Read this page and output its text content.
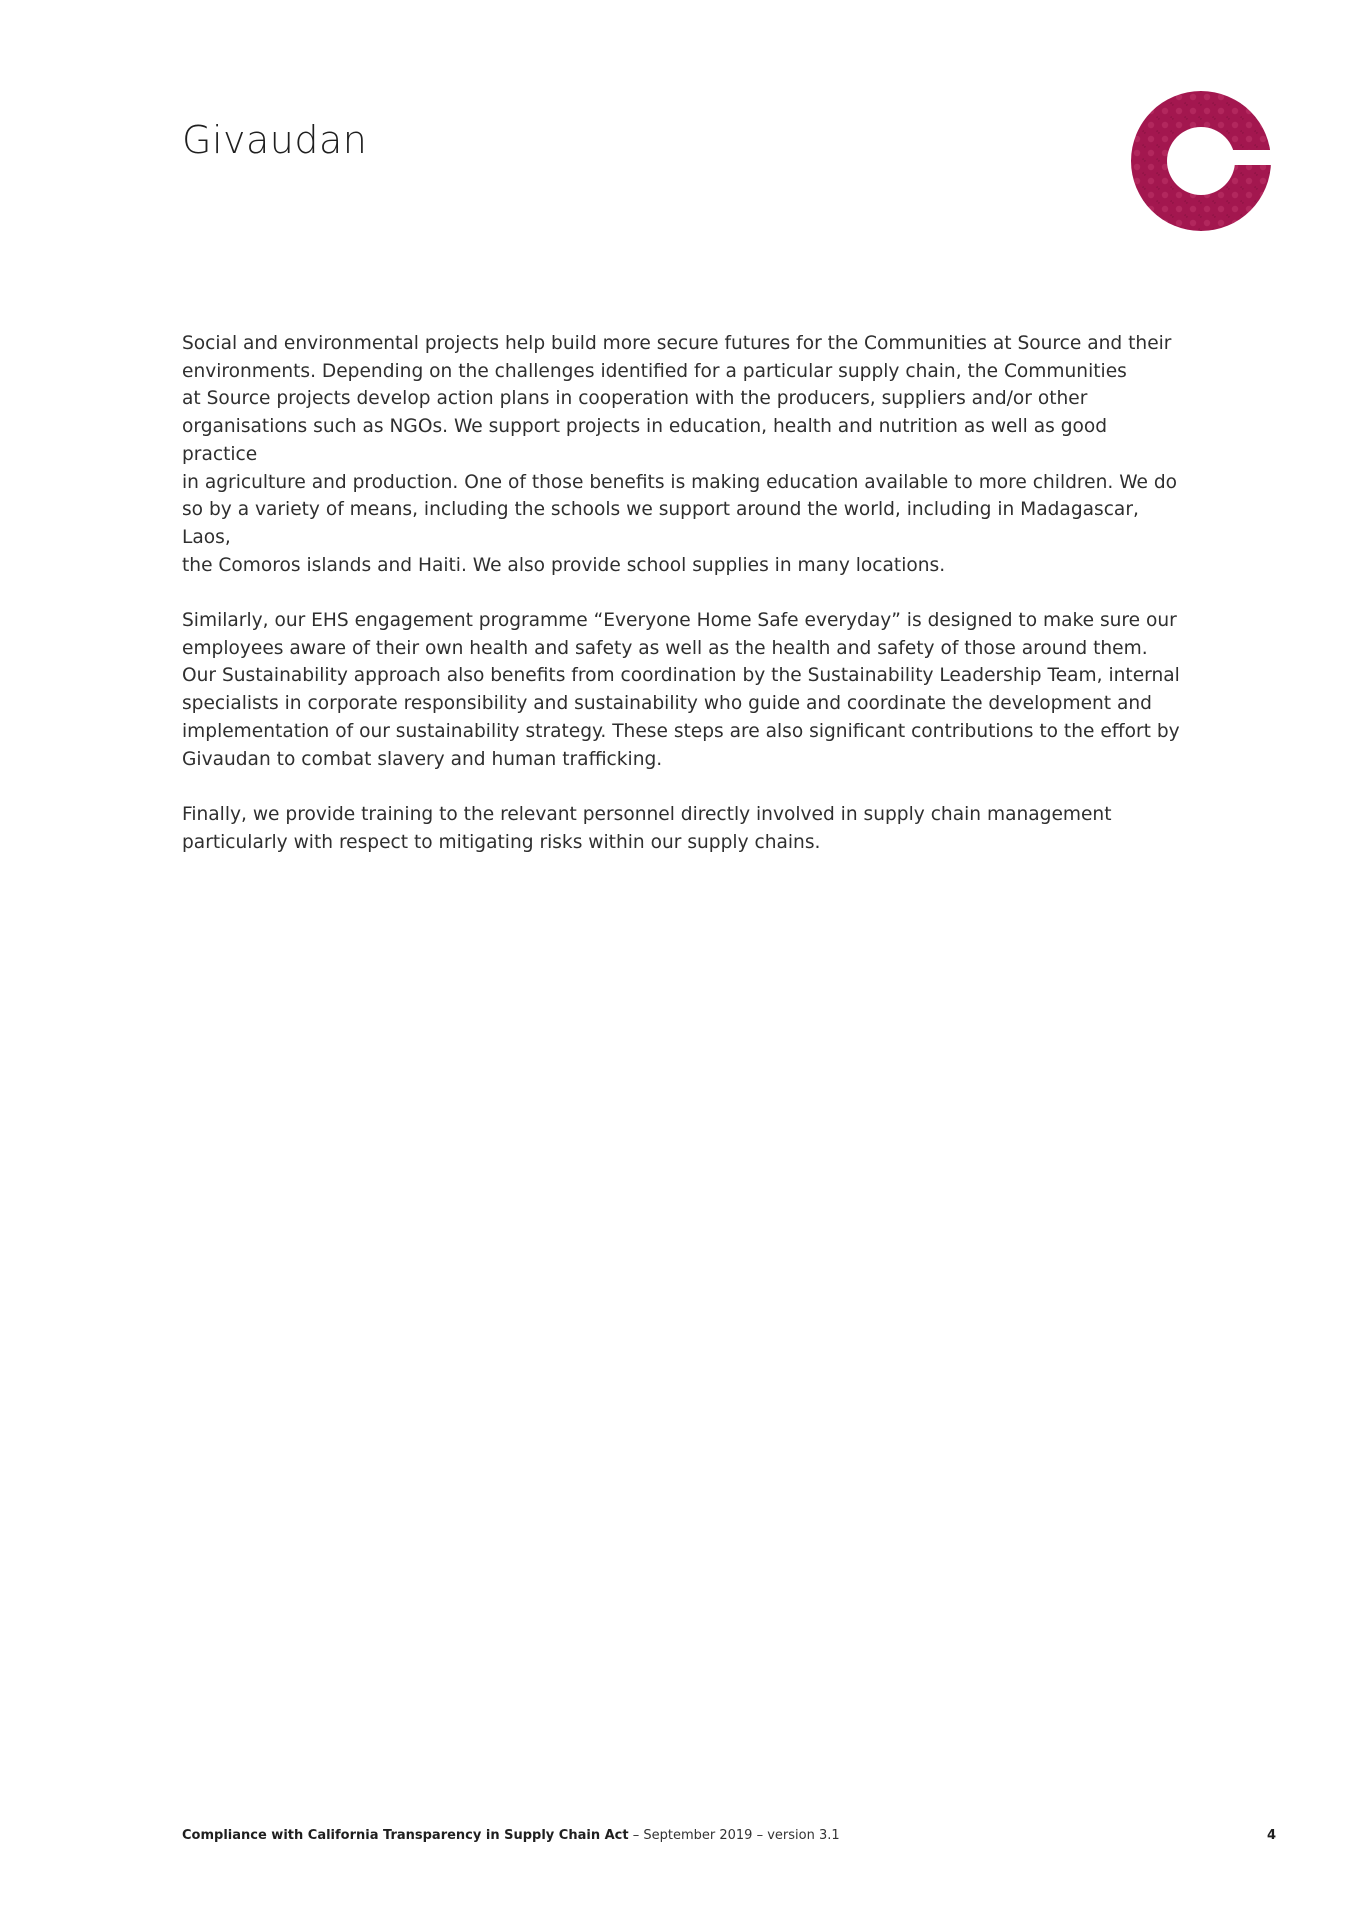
Givaudan

Social and environmental projects help build more secure futures for the Communities at Source and their
environments. Depending on the challenges identified for a particular supply chain, the Communities
at Source projects develop action plans in cooperation with the producers, suppliers and/or other
organisations such as NGOs. We support projects in education, health and nutrition as well as good practice
in agriculture and production. One of those benefits is making education available to more children. We do
so by a variety of means, including the schools we support around the world, including in Madagascar, Laos,
the Comoros islands and Haiti. We also provide school supplies in many locations.

Similarly, our EHS engagement programme “Everyone Home Safe everyday” is designed to make sure our
employees aware of their own health and safety as well as the health and safety of those around them.
Our Sustainability approach also benefits from coordination by the Sustainability Leadership Team, internal
specialists in corporate responsibility and sustainability who guide and coordinate the development and
implementation of our sustainability strategy. These steps are also significant contributions to the effort by
Givaudan to combat slavery and human trafficking.

Finally, we provide training to the relevant personnel directly involved in supply chain management
particularly with respect to mitigating risks within our supply chains.

Compliance with California Transparency in Supply Chain Act – September 2019 – version 3.1	4
